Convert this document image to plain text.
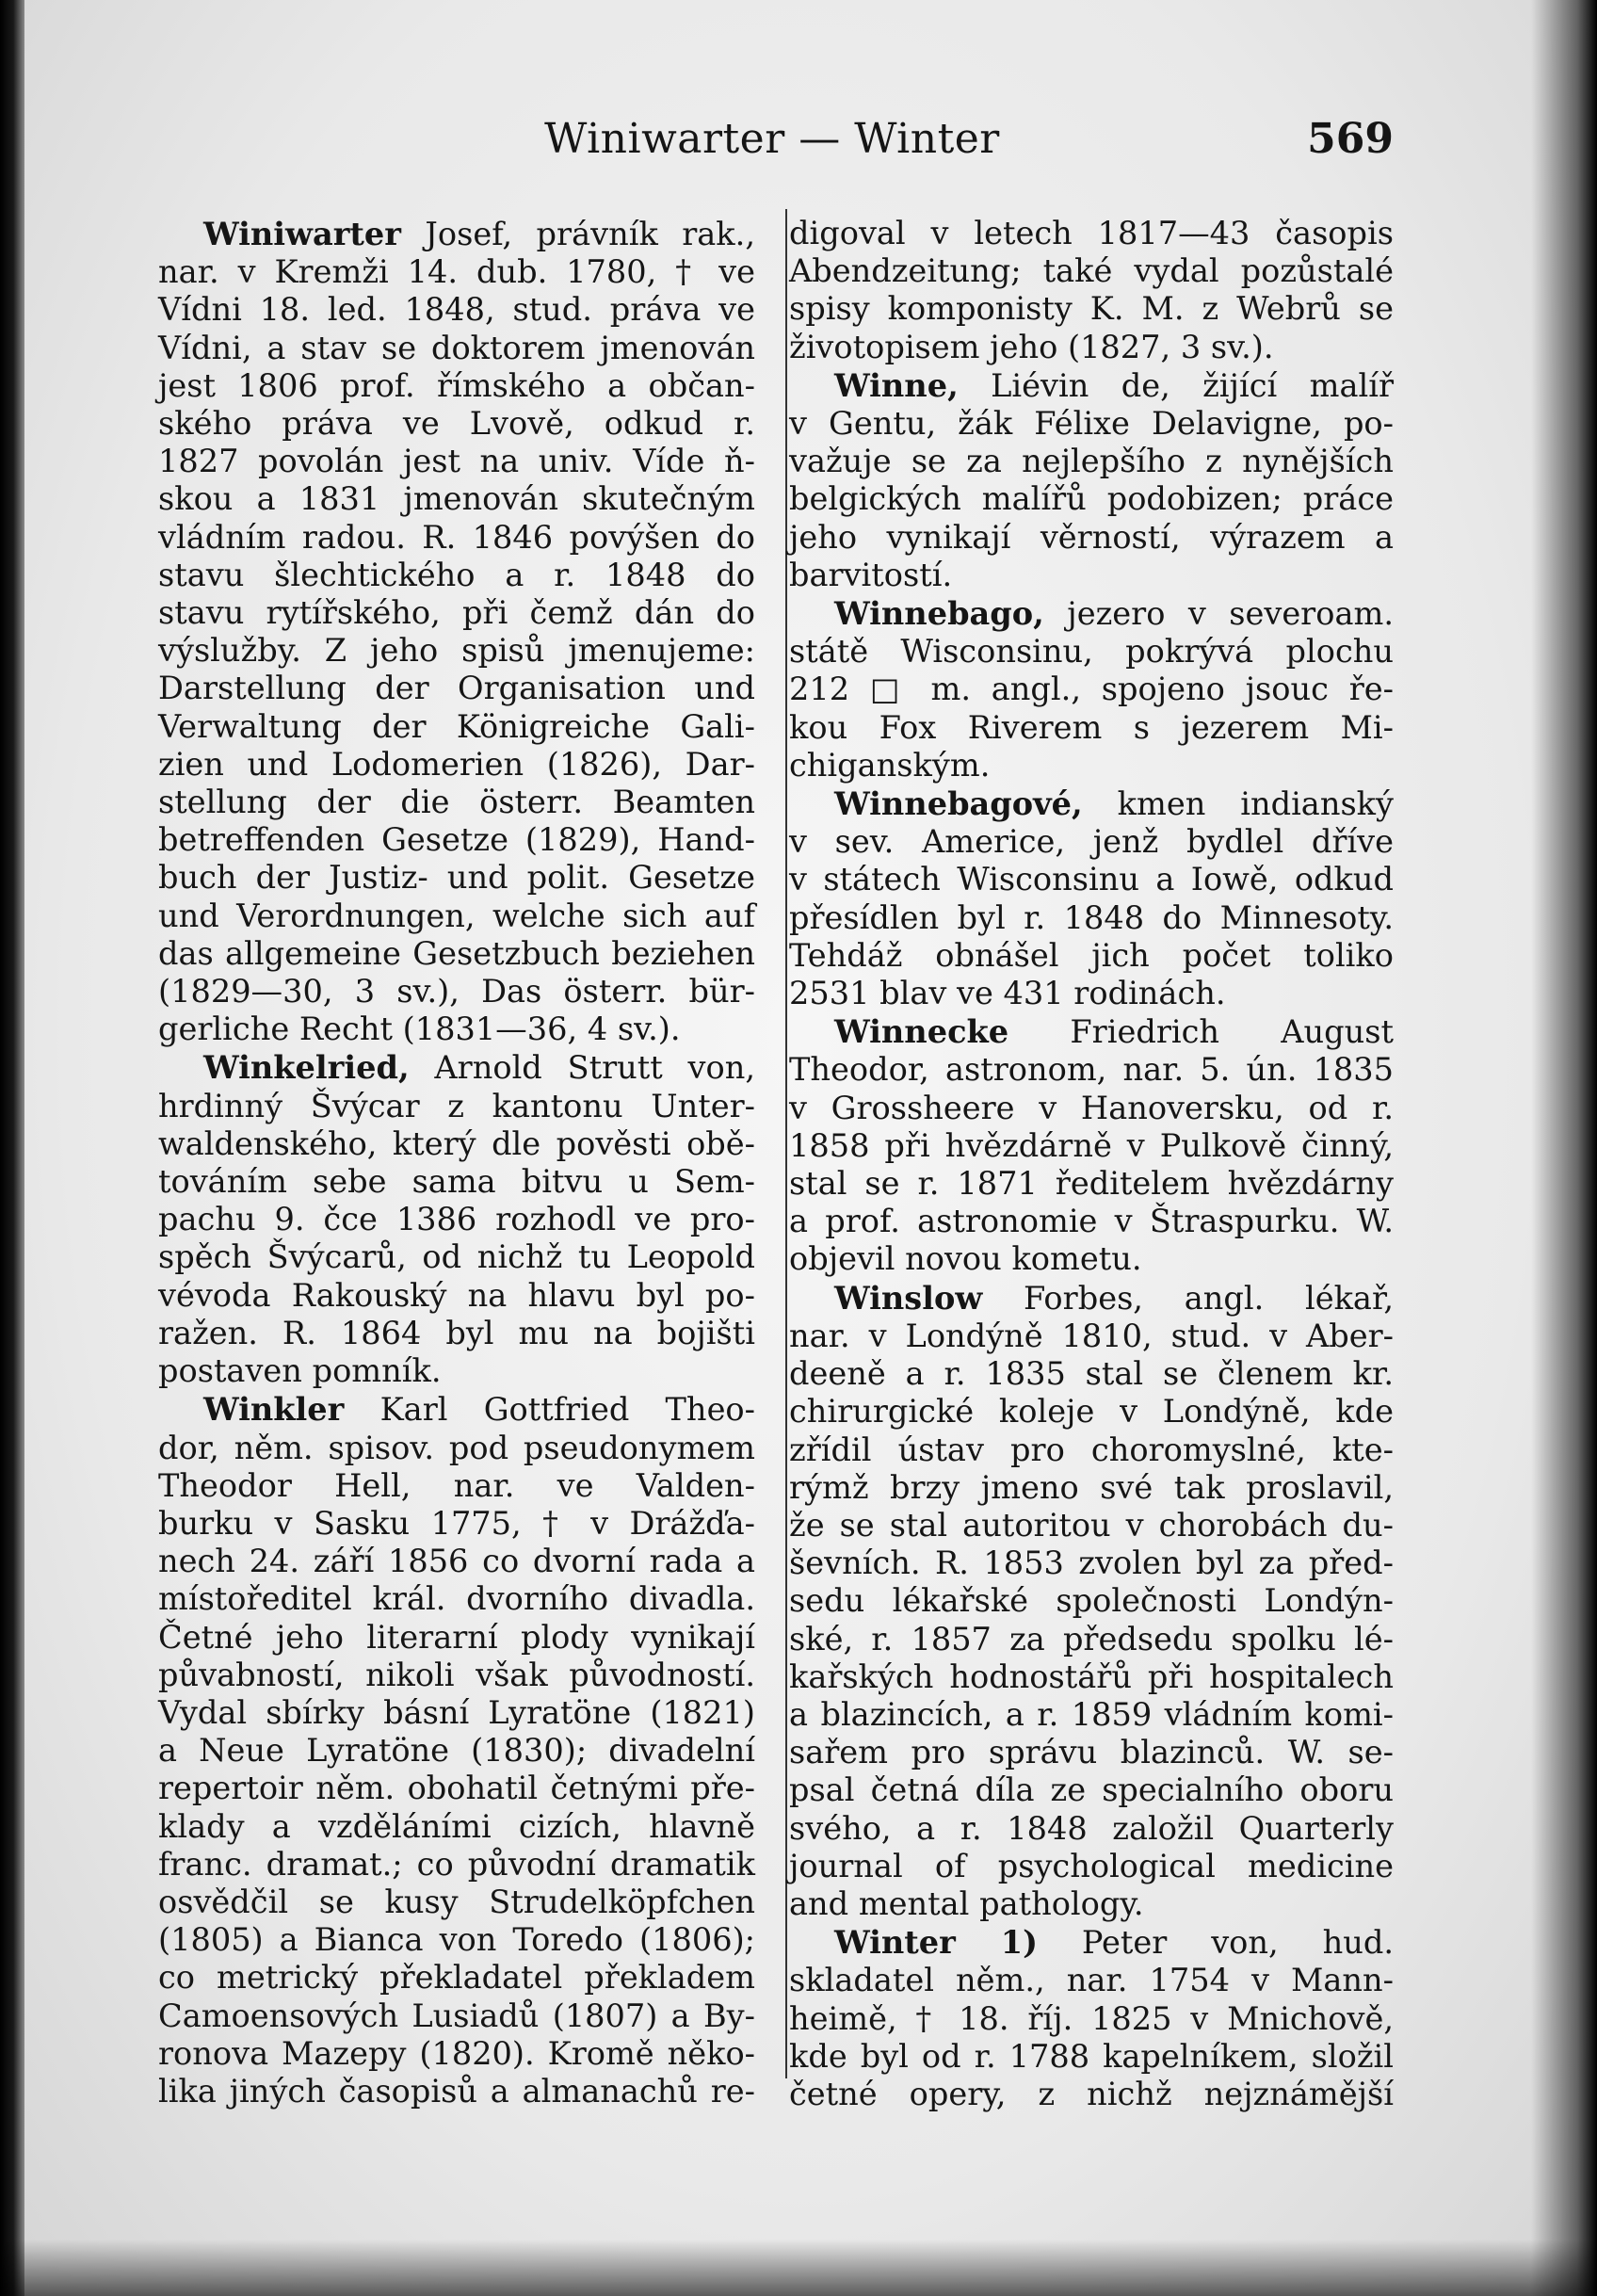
Winiwarter — Winter	569
Winiwarter Josef, právník rak.,
nar. v Kremži 14. dub. 1780, † ve
Vídni 18. led. 1848, stud. práva ve
Vídni, a stav se doktorem jmenován
jest 1806 prof. římského a občan-
ského práva ve Lvově, odkud r.
1827 povolán jest na univ. Víde ň-
skou a 1831 jmenován skutečným
vládním radou. R. 1846 povýšen do
stavu šlechtického a r. 1848 do
stavu rytířského, při čemž dán do
výslužby. Z jeho spisů jmenujeme:
Darstellung der Organisation und
Verwaltung der Königreiche Gali-
zien und Lodomerien (1826), Dar-
stellung der die österr. Beamten
betreffenden Gesetze (1829), Hand-
buch der Justiz- und polit. Gesetze
und Verordnungen, welche sich auf
das allgemeine Gesetzbuch beziehen
(1829—30, 3 sv.), Das österr. bür-
gerliche Recht (1831—36, 4 sv.).
Winkelried, Arnold Strutt von,
hrdinný Švýcar z kantonu Unter-
waldenského, který dle pověsti obě-
továním sebe sama bitvu u Sem-
pachu 9. čce 1386 rozhodl ve pro-
spěch Švýcarů, od nichž tu Leopold
vévoda Rakouský na hlavu byl po-
ražen. R. 1864 byl mu na bojišti
postaven pomník.
Winkler Karl Gottfried Theo-
dor, něm. spisov. pod pseudonymem
Theodor Hell, nar. ve Valden-
burku v Sasku 1775, † v Drážďa-
nech 24. září 1856 co dvorní rada a
místoředitel král. dvorního divadla.
Četné jeho literarní plody vynikají
půvabností, nikoli však původností.
Vydal sbírky básní Lyratöne (1821)
a Neue Lyratöne (1830); divadelní
repertoir něm. obohatil četnými pře-
klady a vzděláními cizích, hlavně
franc. dramat.; co původní dramatik
osvědčil se kusy Strudelköpfchen
(1805) a Bianca von Toredo (1806);
co metrický překladatel překladem
Camoensových Lusiadů (1807) a By-
ronova Mazepy (1820). Kromě něko-
lika jiných časopisů a almanachů re-
digoval v letech 1817—43 časopis
Abendzeitung; také vydal pozůstalé
spisy komponisty K. M. z Webrů se
životopisem jeho (1827, 3 sv.).
Winne, Liévin de, žijící malíř
v Gentu, žák Félixe Delavigne, po-
važuje se za nejlepšího z nynějších
belgických malířů podobizen; práce
jeho vynikají věrností, výrazem a
barvitostí.
Winnebago, jezero v severoam.
státě Wisconsinu, pokrývá plochu
212 □ m. angl., spojeno jsouc ře-
kou Fox Riverem s jezerem Mi-
chiganským.
Winnebagové, kmen indianský
v sev. Americe, jenž bydlel dříve
v státech Wisconsinu a Iowě, odkud
přesídlen byl r. 1848 do Minnesoty.
Tehdáž obnášel jich počet toliko
2531 blav ve 431 rodinách.
Winnecke Friedrich August
Theodor, astronom, nar. 5. ún. 1835
v Grossheere v Hanoversku, od r.
1858 při hvězdárně v Pulkově činný,
stal se r. 1871 ředitelem hvězdárny
a prof. astronomie v Štraspurku. W.
objevil novou kometu.
Winslow Forbes, angl. lékař,
nar. v Londýně 1810, stud. v Aber-
deeně a r. 1835 stal se členem kr.
chirurgické koleje v Londýně, kde
zřídil ústav pro choromyslné, kte-
rýmž brzy jmeno své tak proslavil,
že se stal autoritou v chorobách du-
ševních. R. 1853 zvolen byl za před-
sedu lékařské společnosti Londýn-
ské, r. 1857 za předsedu spolku lé-
kařských hodnostářů při hospitalech
a blazincích, a r. 1859 vládním komi-
sařem pro správu blazinců. W. se-
psal četná díla ze specialního oboru
svého, a r. 1848 založil Quarterly
journal of psychological medicine
and mental pathology.
Winter 1) Peter von, hud.
skladatel něm., nar. 1754 v Mann-
heimě, † 18. říj. 1825 v Mnichově,
kde byl od r. 1788 kapelníkem, složil
četné opery, z nichž nejznámější
